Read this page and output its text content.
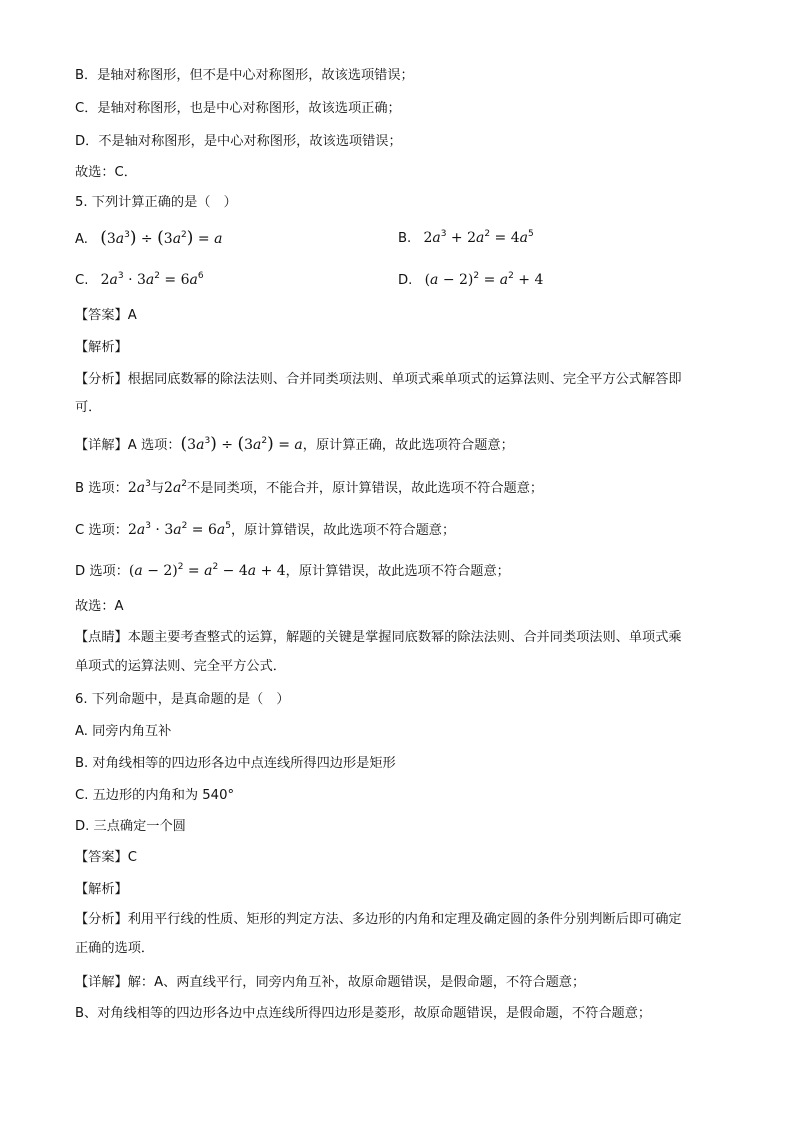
B．是轴对称图形，但不是中心对称图形，故该选项错误；
C．是轴对称图形，也是中心对称图形，故该选项正确；
D．不是轴对称图形，是中心对称图形，故该选项错误；
故选：C．
5. 下列计算正确的是（　）
A. $(3a^3) \div (3a^2) = a$	B. $2a^3 + 2a^2 = 4a^5$
C. $2a^3 \cdot 3a^2 = 6a^6$	D. $(a - 2)^2 = a^2 + 4$
【答案】A
【解析】
【分析】根据同底数幂的除法法则、合并同类项法则、单项式乘单项式的运算法则、完全平方公式解答即
可．
【详解】A 选项：$(3a^3) \div (3a^2) = a$，原计算正确，故此选项符合题意；
B 选项：$2a^3$与$2a^2$不是同类项，不能合并，原计算错误，故此选项不符合题意；
C 选项：$2a^3 \cdot 3a^2 = 6a^5$，原计算错误，故此选项不符合题意；
D 选项：$(a - 2)^2 = a^2 - 4a + 4$，原计算错误，故此选项不符合题意；
故选：A
【点睛】本题主要考查整式的运算，解题的关键是掌握同底数幂的除法法则、合并同类项法则、单项式乘
单项式的运算法则、完全平方公式．
6. 下列命题中，是真命题的是（　）
A. 同旁内角互补
B. 对角线相等的四边形各边中点连线所得四边形是矩形
C. 五边形的内角和为 540°
D. 三点确定一个圆
【答案】C
【解析】
【分析】利用平行线的性质、矩形的判定方法、多边形的内角和定理及确定圆的条件分别判断后即可确定
正确的选项．
【详解】解：A、两直线平行，同旁内角互补，故原命题错误，是假命题，不符合题意；
B、对角线相等的四边形各边中点连线所得四边形是菱形，故原命题错误，是假命题，不符合题意；
